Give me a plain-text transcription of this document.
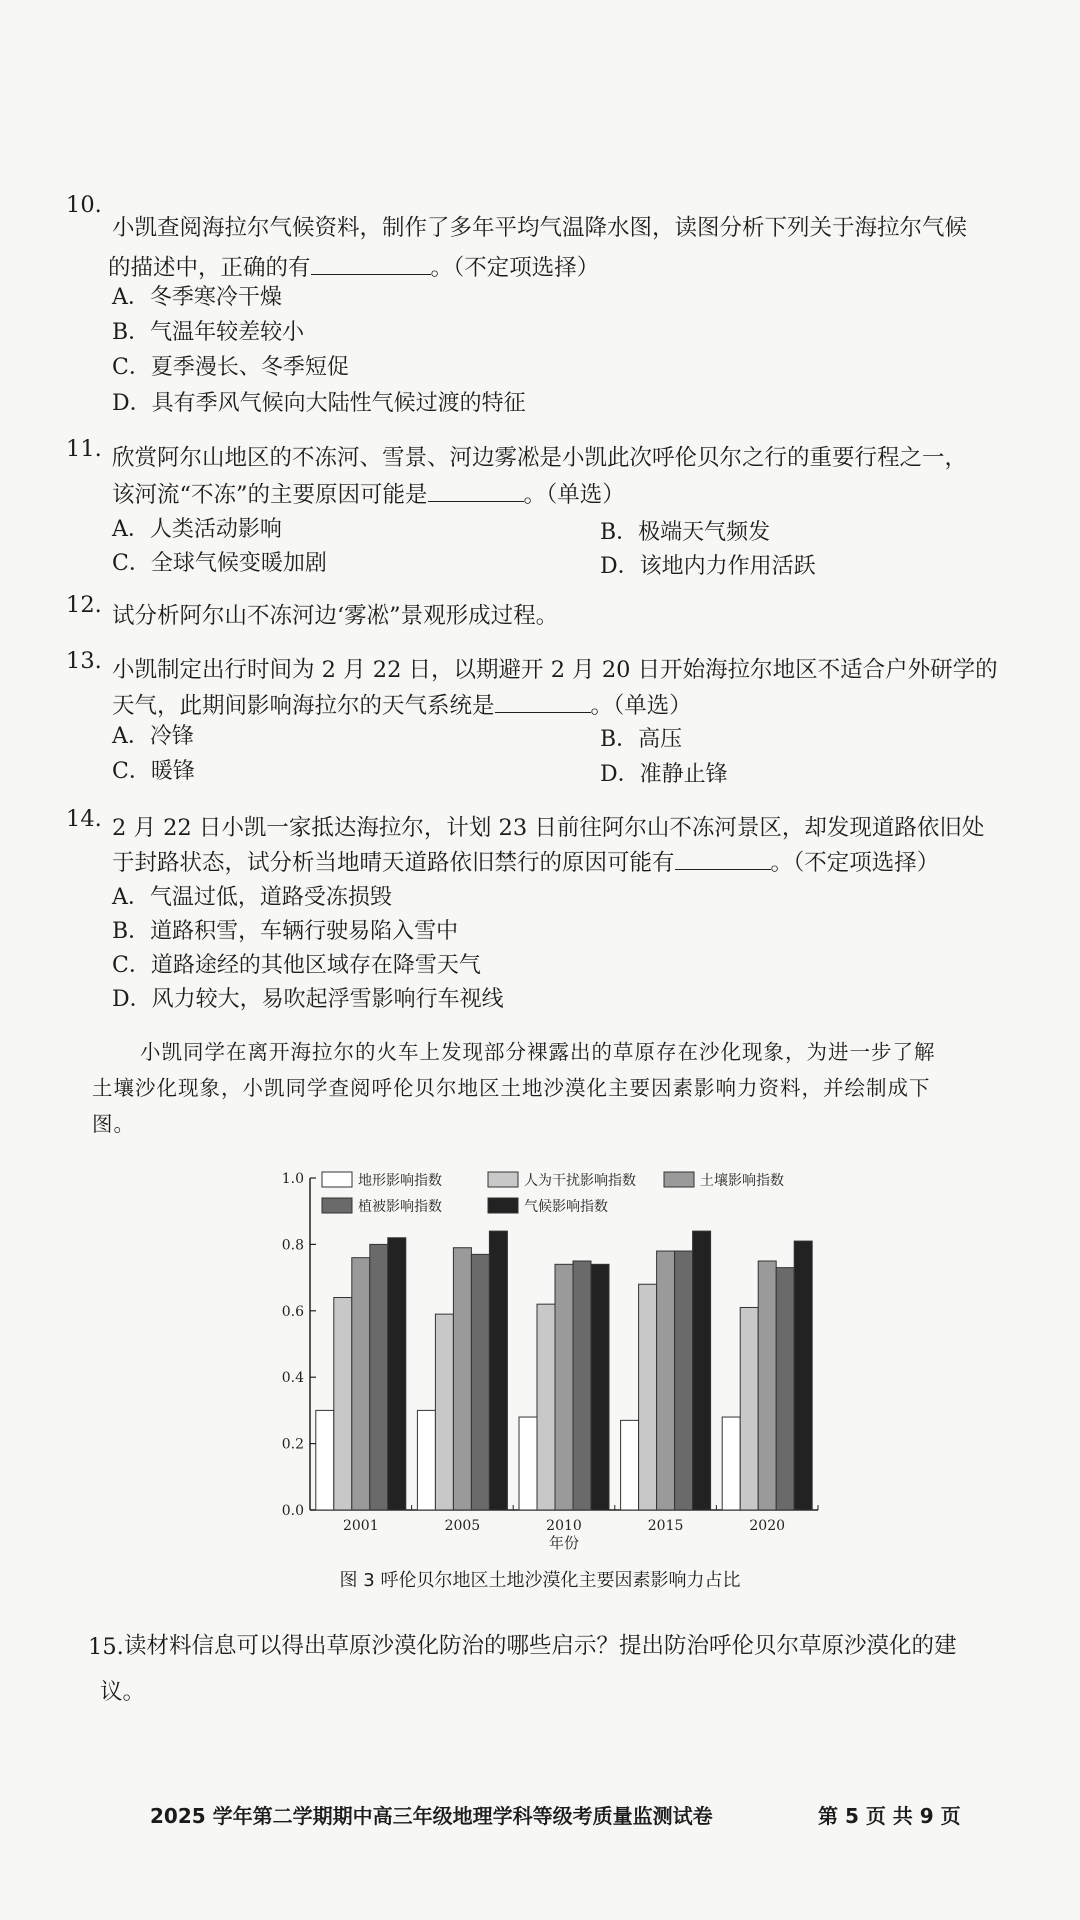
10.
小凯查阅海拉尔气候资料，制作了多年平均气温降水图，读图分析下列关于海拉尔气候
的描述中，正确的有	。（不定项选择）
A．冬季寒冷干燥
B．气温年较差较小
C．夏季漫长、冬季短促
D．具有季风气候向大陆性气候过渡的特征
11. 欣赏阿尔山地区的不冻河、雪景、河边雾凇是小凯此次呼伦贝尔之行的重要行程之一，
该河流“不冻”的主要原因可能是	。（单选）
A．人类活动影响	B．极端天气频发
C．全球气候变暖加剧	D．该地内力作用活跃
12. 试分析阿尔山不冻河边‘雾凇”景观形成过程。
13. 小凯制定出行时间为 2 月 22 日，以期避开 2 月 20 日开始海拉尔地区不适合户外研学的
天气，此期间影响海拉尔的天气系统是	。（单选）
A．冷锋	B．高压
C．暖锋	D．准静止锋
14. 2 月 22 日小凯一家抵达海拉尔，计划 23 日前往阿尔山不冻河景区，却发现道路依旧处
于封路状态，试分析当地晴天道路依旧禁行的原因可能有	。（不定项选择）
A．气温过低，道路受冻损毁
B．道路积雪，车辆行驶易陷入雪中
C．道路途经的其他区域存在降雪天气
D．风力较大，易吹起浮雪影响行车视线
小凯同学在离开海拉尔的火车上发现部分裸露出的草原存在沙化现象，为进一步了解
土壤沙化现象，小凯同学查阅呼伦贝尔地区土地沙漠化主要因素影响力资料，并绘制成下
图。
0.0
0.2
0.4
0.6
0.8
1.0
2001	2005	2010	2015	2020
年份
地形影响指数	人为干扰影响指数	土壤影响指数
植被影响指数	气候影响指数
图 3 呼伦贝尔地区土地沙漠化主要因素影响力占比
15. 读材料信息可以得出草原沙漠化防治的哪些启示？提出防治呼伦贝尔草原沙漠化的建
议。
2025 学年第二学期期中高三年级地理学科等级考质量监测试卷	第 5 页 共 9 页
